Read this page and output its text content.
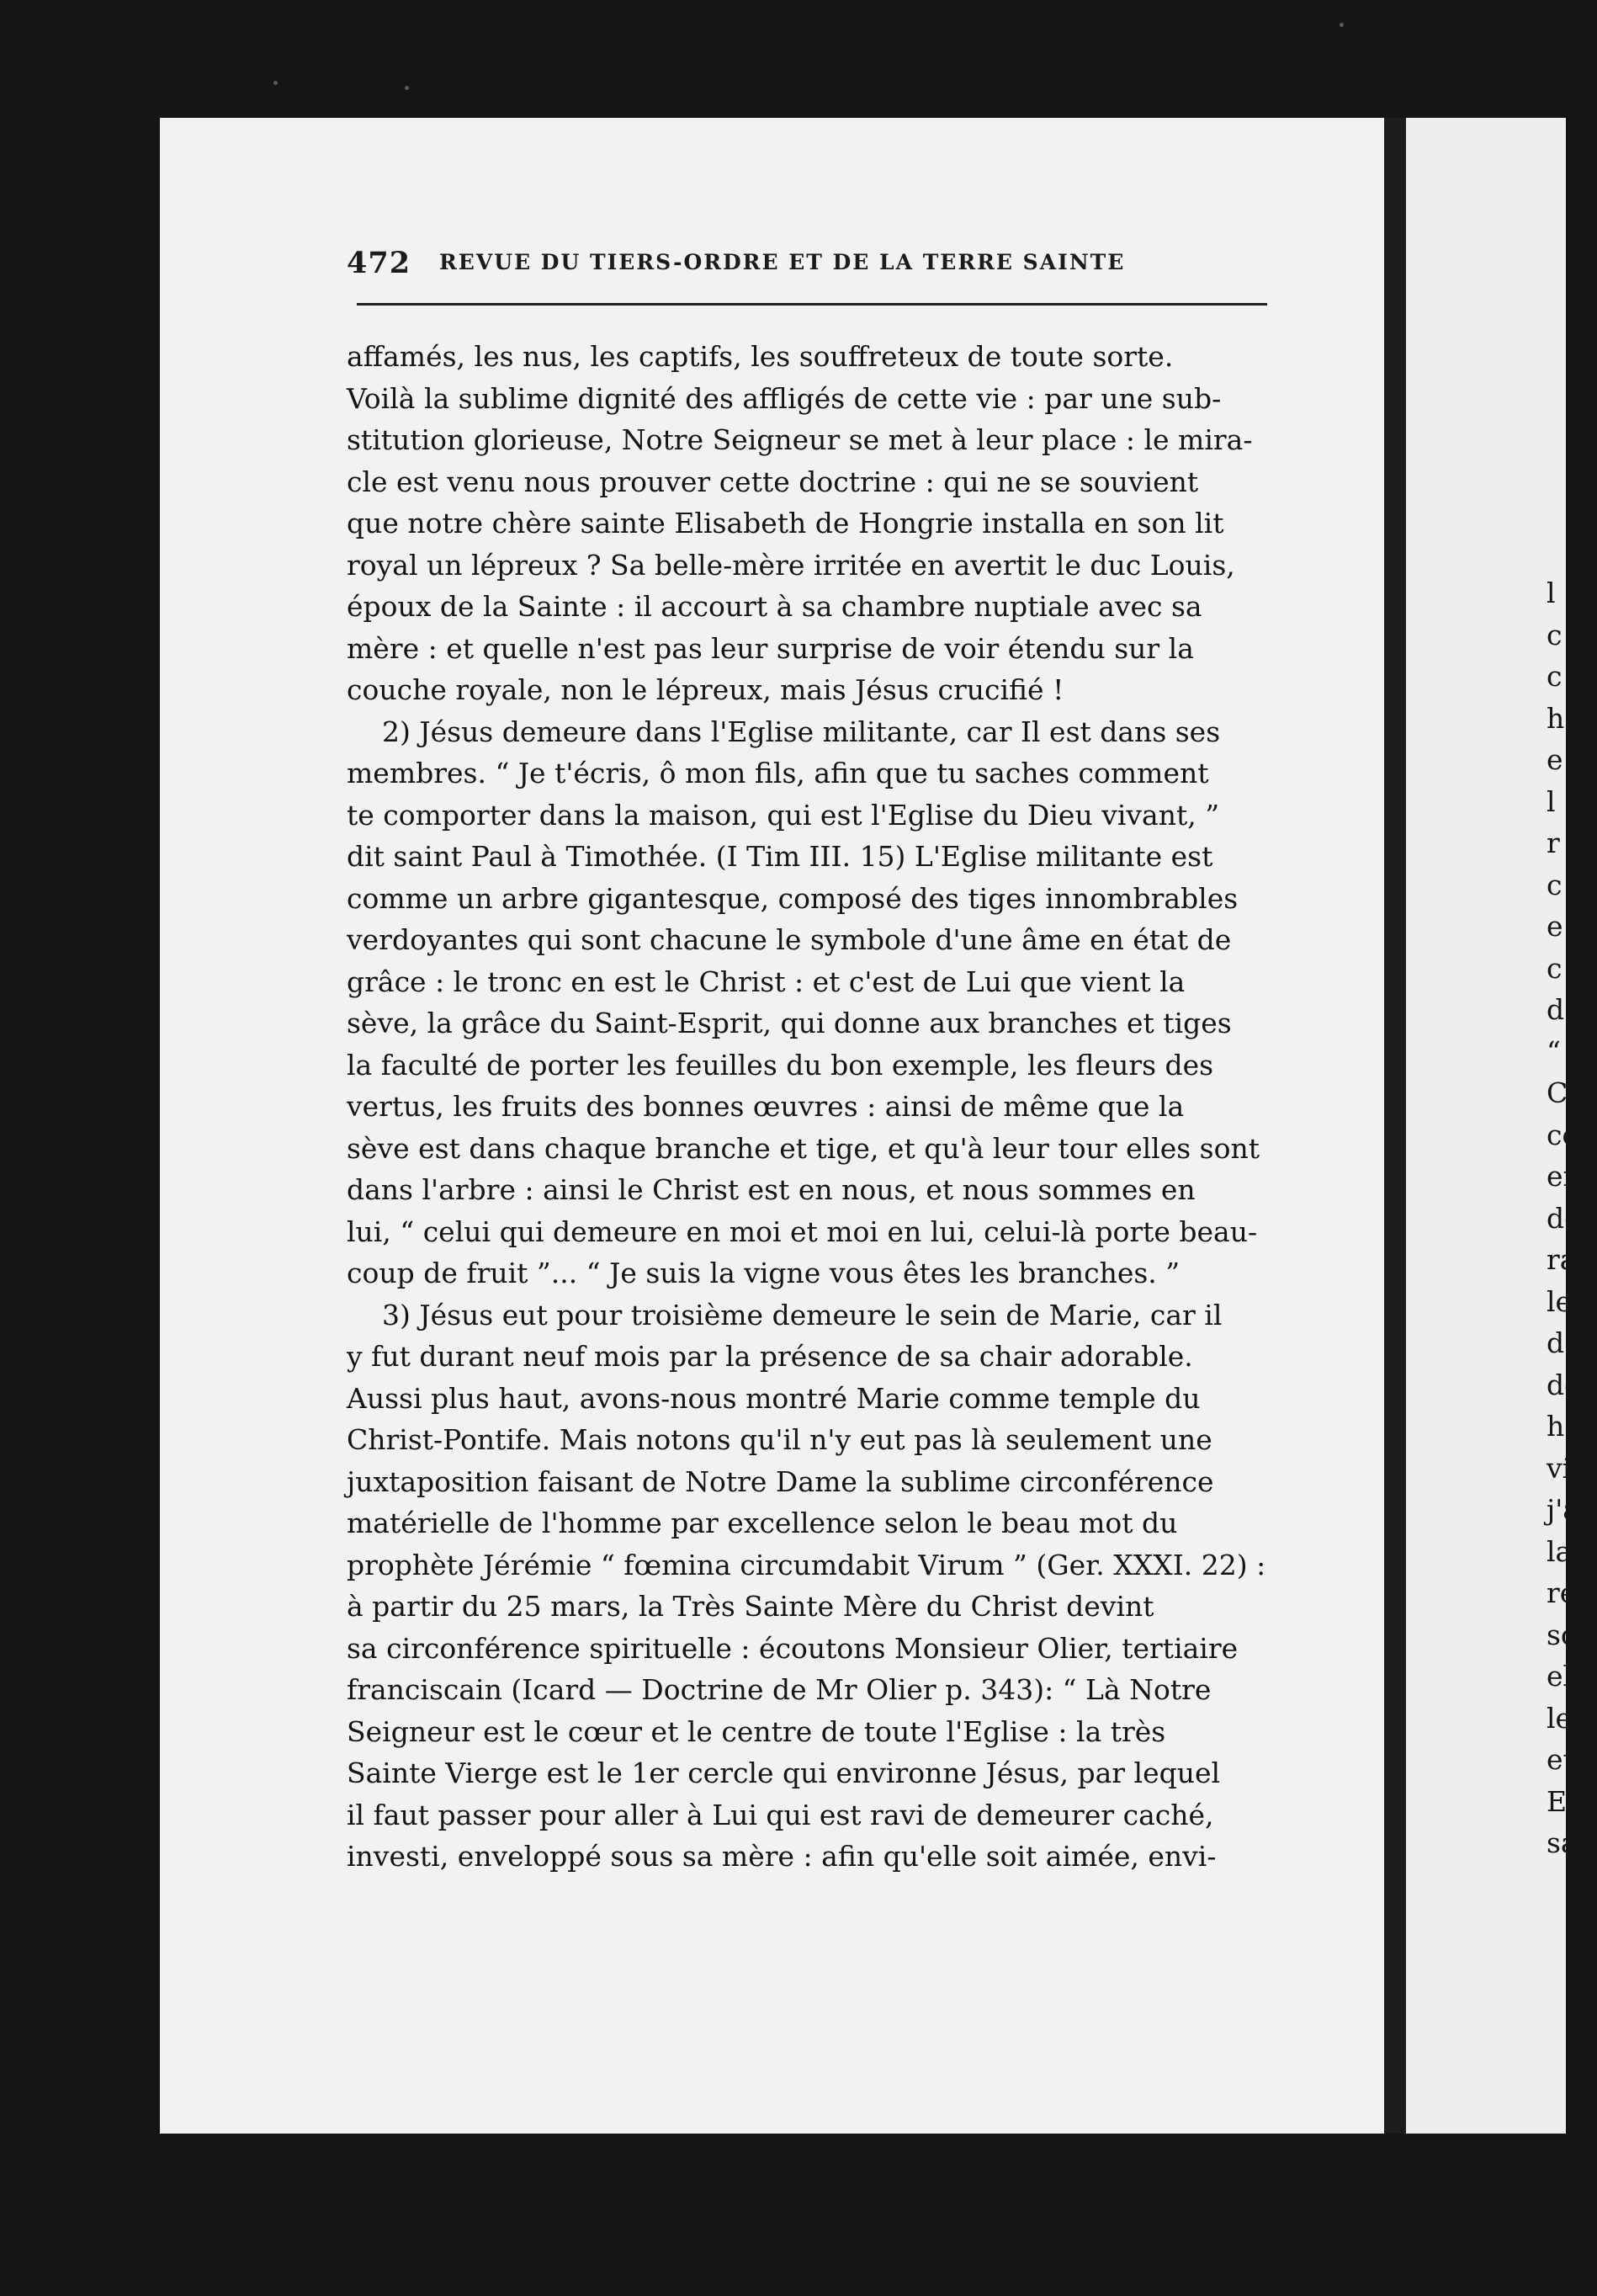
472 REVUE DU TIERS-ORDRE ET DE LA TERRE SAINTE
affamés, les nus, les captifs, les souffreteux de toute sorte.
Voilà la sublime dignité des affligés de cette vie : par une sub-
stitution glorieuse, Notre Seigneur se met à leur place : le mira-
cle est venu nous prouver cette doctrine : qui ne se souvient
que notre chère sainte Elisabeth de Hongrie installa en son lit
royal un lépreux ? Sa belle-mère irritée en avertit le duc Louis,
époux de la Sainte : il accourt à sa chambre nuptiale avec sa
mère : et quelle n'est pas leur surprise de voir étendu sur la
couche royale, non le lépreux, mais Jésus crucifié !
2) Jésus demeure dans l'Eglise militante, car Il est dans ses
membres. “ Je t'écris, ô mon fils, afin que tu saches comment
te comporter dans la maison, qui est l'Eglise du Dieu vivant, ”
dit saint Paul à Timothée. (I Tim III. 15) L'Eglise militante est
comme un arbre gigantesque, composé des tiges innombrables
verdoyantes qui sont chacune le symbole d'une âme en état de
grâce : le tronc en est le Christ : et c'est de Lui que vient la
sève, la grâce du Saint-Esprit, qui donne aux branches et tiges
la faculté de porter les feuilles du bon exemple, les fleurs des
vertus, les fruits des bonnes œuvres : ainsi de même que la
sève est dans chaque branche et tige, et qu'à leur tour elles sont
dans l'arbre : ainsi le Christ est en nous, et nous sommes en
lui, “ celui qui demeure en moi et moi en lui, celui-là porte beau-
coup de fruit ”... “ Je suis la vigne vous êtes les branches. ”
3) Jésus eut pour troisième demeure le sein de Marie, car il
y fut durant neuf mois par la présence de sa chair adorable.
Aussi plus haut, avons-nous montré Marie comme temple du
Christ-Pontife. Mais notons qu'il n'y eut pas là seulement une
juxtaposition faisant de Notre Dame la sublime circonférence
matérielle de l'homme par excellence selon le beau mot du
prophète Jérémie “ fœmina circumdabit Virum ” (Ger. XXXI. 22) :
à partir du 25 mars, la Très Sainte Mère du Christ devint
sa circonférence spirituelle : écoutons Monsieur Olier, tertiaire
franciscain (Icard — Doctrine de Mr Olier p. 343): “ Là Notre
Seigneur est le cœur et le centre de toute l'Eglise : la très
Sainte Vierge est le 1er cercle qui environne Jésus, par lequel
il faut passer pour aller à Lui qui est ravi de demeurer caché,
investi, enveloppé sous sa mère : afin qu'elle soit aimée, envi-
l
c
c
h
e
l
r
c
e
c
d
“
C
cc
er
de
ra
le
d'
de
ha
vi
j'a
la
res
sou
elle
le
et
Ecr
sa
